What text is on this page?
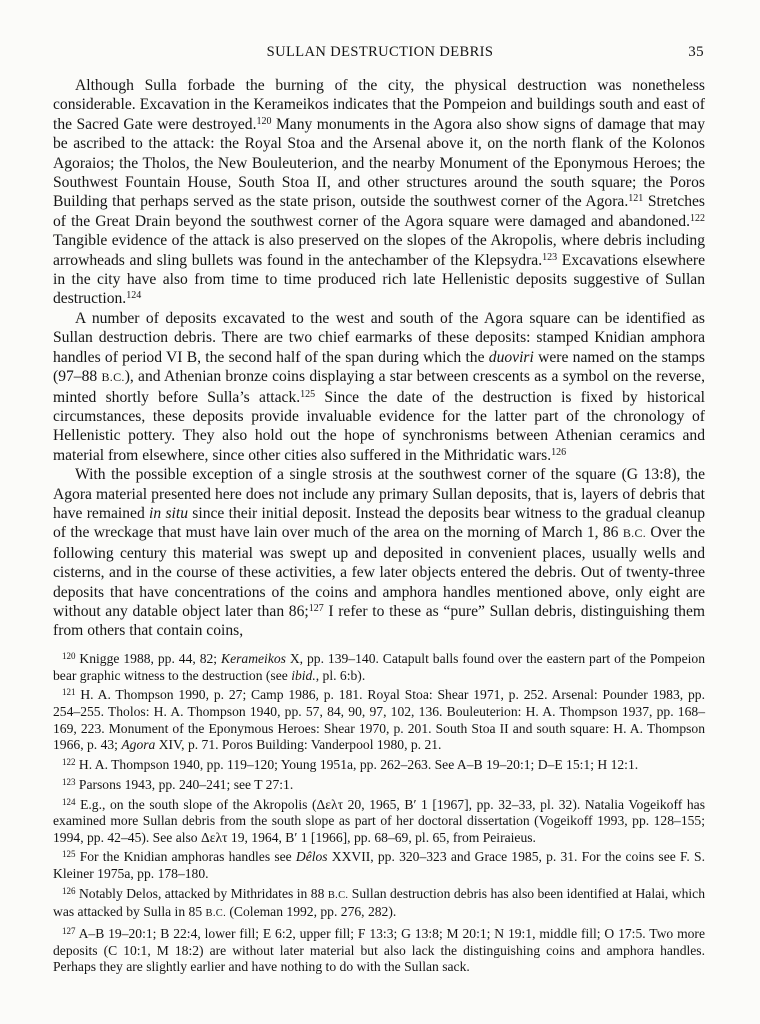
SULLAN DESTRUCTION DEBRIS	35

Although Sulla forbade the burning of the city, the physical destruction was nonetheless considerable. Excavation in the Kerameikos indicates that the Pompeion and buildings south and east of the Sacred Gate were destroyed.$^{120}$ Many monuments in the Agora also show signs of damage that may be ascribed to the attack: the Royal Stoa and the Arsenal above it, on the north flank of the Kolonos Agoraios; the Tholos, the New Bouleuterion, and the nearby Monument of the Eponymous Heroes; the Southwest Fountain House, South Stoa II, and other structures around the south square; the Poros Building that perhaps served as the state prison, outside the southwest corner of the Agora.$^{121}$ Stretches of the Great Drain beyond the southwest corner of the Agora square were damaged and abandoned.$^{122}$ Tangible evidence of the attack is also preserved on the slopes of the Akropolis, where debris including arrowheads and sling bullets was found in the antechamber of the Klepsydra.$^{123}$ Excavations elsewhere in the city have also from time to time produced rich late Hellenistic deposits suggestive of Sullan destruction.$^{124}$

A number of deposits excavated to the west and south of the Agora square can be identified as Sullan destruction debris. There are two chief earmarks of these deposits: stamped Knidian amphora handles of period VI B, the second half of the span during which the duoviri were named on the stamps (97–88 B.C.), and Athenian bronze coins displaying a star between crescents as a symbol on the reverse, minted shortly before Sulla’s attack.$^{125}$ Since the date of the destruction is fixed by historical circumstances, these deposits provide invaluable evidence for the latter part of the chronology of Hellenistic pottery. They also hold out the hope of synchronisms between Athenian ceramics and material from elsewhere, since other cities also suffered in the Mithridatic wars.$^{126}$

With the possible exception of a single strosis at the southwest corner of the square (G 13:8), the Agora material presented here does not include any primary Sullan deposits, that is, layers of debris that have remained in situ since their initial deposit. Instead the deposits bear witness to the gradual cleanup of the wreckage that must have lain over much of the area on the morning of March 1, 86 B.C. Over the following century this material was swept up and deposited in convenient places, usually wells and cisterns, and in the course of these activities, a few later objects entered the debris. Out of twenty-three deposits that have concentrations of the coins and amphora handles mentioned above, only eight are without any datable object later than 86;$^{127}$ I refer to these as “pure” Sullan debris, distinguishing them from others that contain coins,

$^{120}$ Knigge 1988, pp. 44, 82; Kerameikos X, pp. 139–140. Catapult balls found over the eastern part of the Pompeion bear graphic witness to the destruction (see ibid., pl. 6:b).

$^{121}$ H. A. Thompson 1990, p. 27; Camp 1986, p. 181. Royal Stoa: Shear 1971, p. 252. Arsenal: Pounder 1983, pp. 254–255. Tholos: H. A. Thompson 1940, pp. 57, 84, 90, 97, 102, 136. Bouleuterion: H. A. Thompson 1937, pp. 168–169, 223. Monument of the Eponymous Heroes: Shear 1970, p. 201. South Stoa II and south square: H. A. Thompson 1966, p. 43; Agora XIV, p. 71. Poros Building: Vanderpool 1980, p. 21.

$^{122}$ H. A. Thompson 1940, pp. 119–120; Young 1951a, pp. 262–263. See A–B 19–20:1; D–E 15:1; H 12:1.

$^{123}$ Parsons 1943, pp. 240–241; see T 27:1.

$^{124}$ E.g., on the south slope of the Akropolis (Δελτ 20, 1965, B′ 1 [1967], pp. 32–33, pl. 32). Natalia Vogeikoff has examined more Sullan debris from the south slope as part of her doctoral dissertation (Vogeikoff 1993, pp. 128–155; 1994, pp. 42–45). See also Δελτ 19, 1964, B′ 1 [1966], pp. 68–69, pl. 65, from Peiraieus.

$^{125}$ For the Knidian amphoras handles see Dêlos XXVII, pp. 320–323 and Grace 1985, p. 31. For the coins see F. S. Kleiner 1975a, pp. 178–180.

$^{126}$ Notably Delos, attacked by Mithridates in 88 B.C. Sullan destruction debris has also been identified at Halai, which was attacked by Sulla in 85 B.C. (Coleman 1992, pp. 276, 282).

$^{127}$ A–B 19–20:1; B 22:4, lower fill; E 6:2, upper fill; F 13:3; G 13:8; M 20:1; N 19:1, middle fill; O 17:5. Two more deposits (C 10:1, M 18:2) are without later material but also lack the distinguishing coins and amphora handles. Perhaps they are slightly earlier and have nothing to do with the Sullan sack.
